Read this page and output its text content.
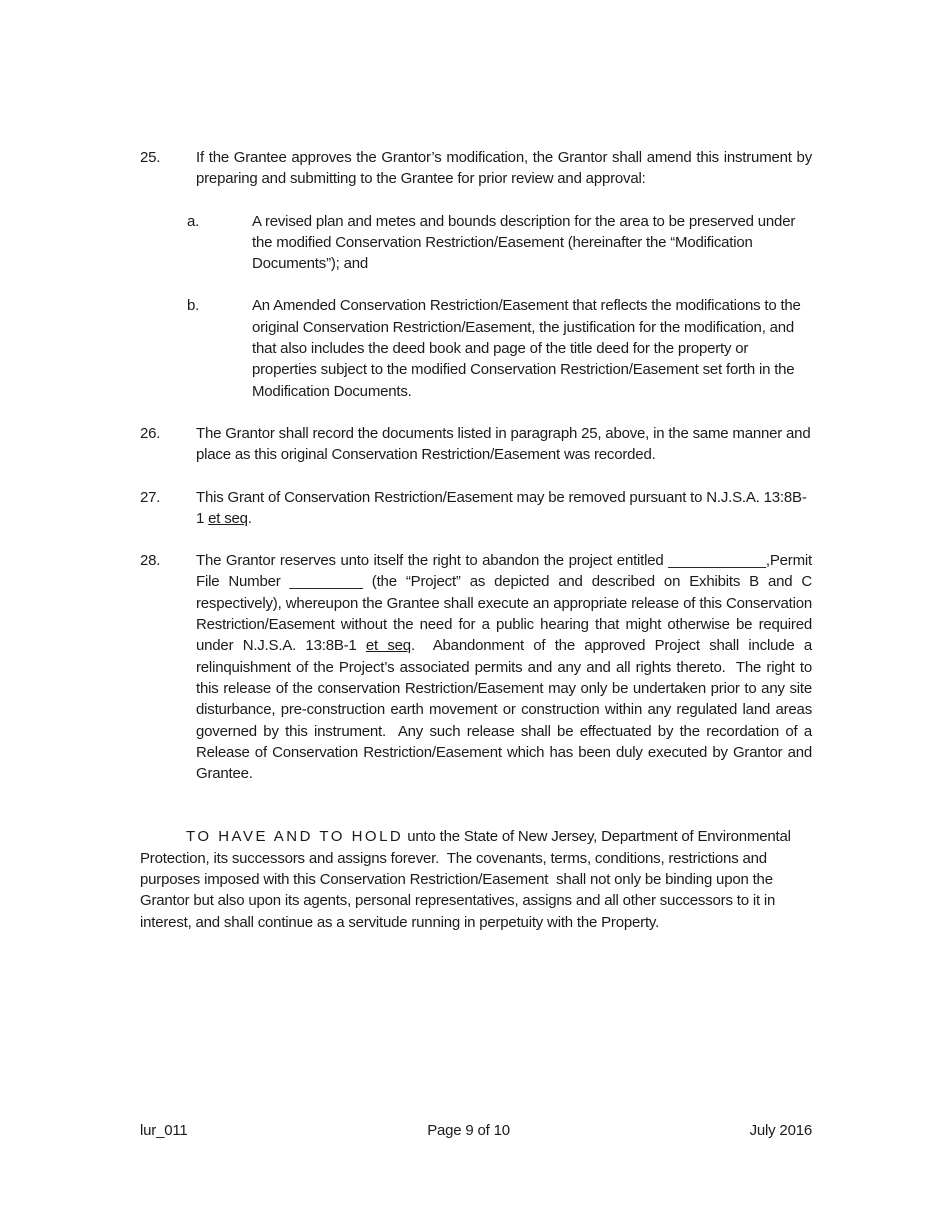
25. If the Grantee approves the Grantor’s modification, the Grantor shall amend this instrument by preparing and submitting to the Grantee for prior review and approval:
a.	A revised plan and metes and bounds description for the area to be preserved under the modified Conservation Restriction/Easement (hereinafter the “Modification Documents”); and
b.	An Amended Conservation Restriction/Easement that reflects the modifications to the original Conservation Restriction/Easement, the justification for the modification, and that also includes the deed book and page of the title deed for the property or properties subject to the modified Conservation Restriction/Easement set forth in the Modification Documents.
26. The Grantor shall record the documents listed in paragraph 25, above, in the same manner and place as this original Conservation Restriction/Easement was recorded.
27. This Grant of Conservation Restriction/Easement may be removed pursuant to N.J.S.A. 13:8B-1 et seq.
28. The Grantor reserves unto itself the right to abandon the project entitled ____________,Permit File Number _________ (the “Project” as depicted and described on Exhibits B and C respectively), whereupon the Grantee shall execute an appropriate release of this Conservation Restriction/Easement without the need for a public hearing that might otherwise be required under N.J.S.A. 13:8B-1 et seq.  Abandonment of the approved Project shall include a relinquishment of the Project’s associated permits and any and all rights thereto.  The right to this release of the conservation Restriction/Easement may only be undertaken prior to any site disturbance, pre-construction earth movement or construction within any regulated land areas governed by this instrument.  Any such release shall be effectuated by the recordation of a Release of Conservation Restriction/Easement which has been duly executed by Grantor and Grantee.
TO HAVE AND TO HOLD unto the State of New Jersey, Department of Environmental Protection, its successors and assigns forever.  The covenants, terms, conditions, restrictions and purposes imposed with this Conservation Restriction/Easement  shall not only be binding upon the Grantor but also upon its agents, personal representatives, assigns and all other successors to it in interest, and shall continue as a servitude running in perpetuity with the Property.
lur_011	Page 9 of 10	July 2016
